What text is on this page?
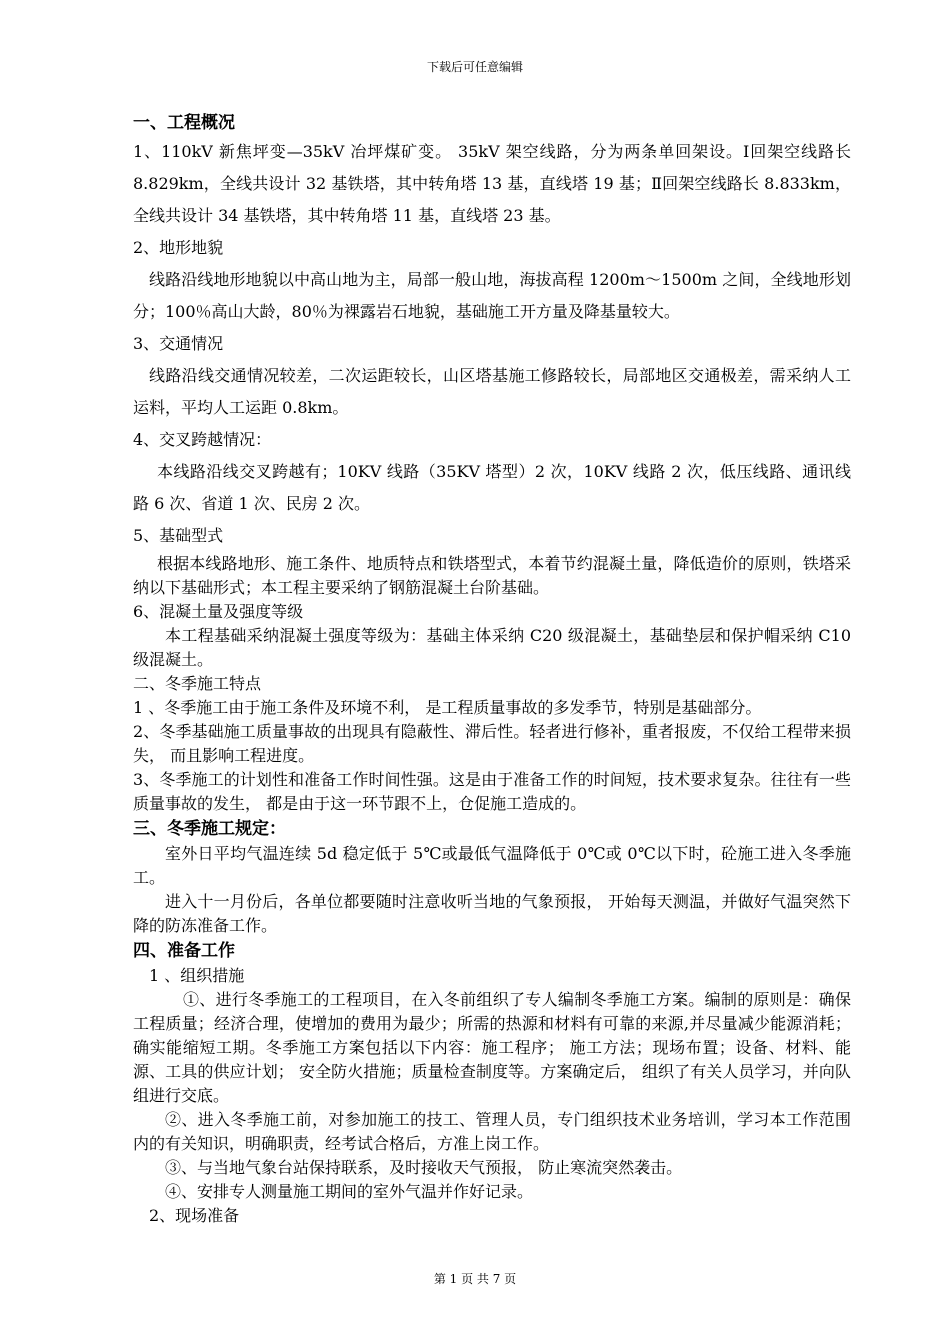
下载后可任意编辑

一、工程概况

1、110kV 新焦坪变—35kV 冶坪煤矿变。 35kV 架空线路，分为两条单回架设。Ⅰ回架空线路长 8.829km，全线共设计 32 基铁塔，其中转角塔 13 基，直线塔 19 基；Ⅱ回架空线路长 8.833km，全线共设计 34 基铁塔，其中转角塔 11 基，直线塔 23 基。

2、地形地貌

线路沿线地形地貌以中高山地为主，局部一般山地，海拔高程 1200m～1500m 之间，全线地形划分；100％高山大龄，80％为裸露岩石地貌，基础施工开方量及降基量较大。

3、交通情况

线路沿线交通情况较差，二次运距较长，山区塔基施工修路较长，局部地区交通极差，需采纳人工运料，平均人工运距 0.8km。

4、交叉跨越情况：

本线路沿线交叉跨越有；10KV 线路（35KV 塔型）2 次，10KV 线路 2 次，低压线路、通讯线路 6 次、省道 1 次、民房 2 次。

5、基础型式

根据本线路地形、施工条件、地质特点和铁塔型式，本着节约混凝土量，降低造价的原则，铁塔采纳以下基础形式；本工程主要采纳了钢筋混凝土台阶基础。

6、混凝土量及强度等级

本工程基础采纳混凝土强度等级为：基础主体采纳 C20 级混凝土，基础垫层和保护帽采纳 C10 级混凝土。

二、冬季施工特点

1 、冬季施工由于施工条件及环境不利， 是工程质量事故的多发季节，特别是基础部分。

2、冬季基础施工质量事故的出现具有隐蔽性、滞后性。轻者进行修补，重者报废，不仅给工程带来损失， 而且影响工程进度。

3、冬季施工的计划性和准备工作时间性强。这是由于准备工作的时间短，技术要求复杂。往往有一些质量事故的发生， 都是由于这一环节跟不上，仓促施工造成的。

三、冬季施工规定：

室外日平均气温连续 5d 稳定低于 5℃或最低气温降低于 0℃或 0℃以下时，砼施工进入冬季施工。

进入十一月份后，各单位都要随时注意收听当地的气象预报， 开始每天测温，并做好气温突然下降的防冻准备工作。

四、准备工作

1 、组织措施

①、进行冬季施工的工程项目，在入冬前组织了专人编制冬季施工方案。编制的原则是：确保工程质量；经济合理，使增加的费用为最少；所需的热源和材料有可靠的来源,并尽量减少能源消耗；确实能缩短工期。冬季施工方案包括以下内容：施工程序； 施工方法；现场布置；设备、材料、能源、工具的供应计划； 安全防火措施；质量检查制度等。方案确定后， 组织了有关人员学习，并向队组进行交底。

②、进入冬季施工前，对参加施工的技工、管理人员，专门组织技术业务培训，学习本工作范围内的有关知识，明确职责，经考试合格后，方准上岗工作。

③、与当地气象台站保持联系，及时接收天气预报， 防止寒流突然袭击。

④、安排专人测量施工期间的室外气温并作好记录。

2、现场准备

第 1 页 共 7 页
